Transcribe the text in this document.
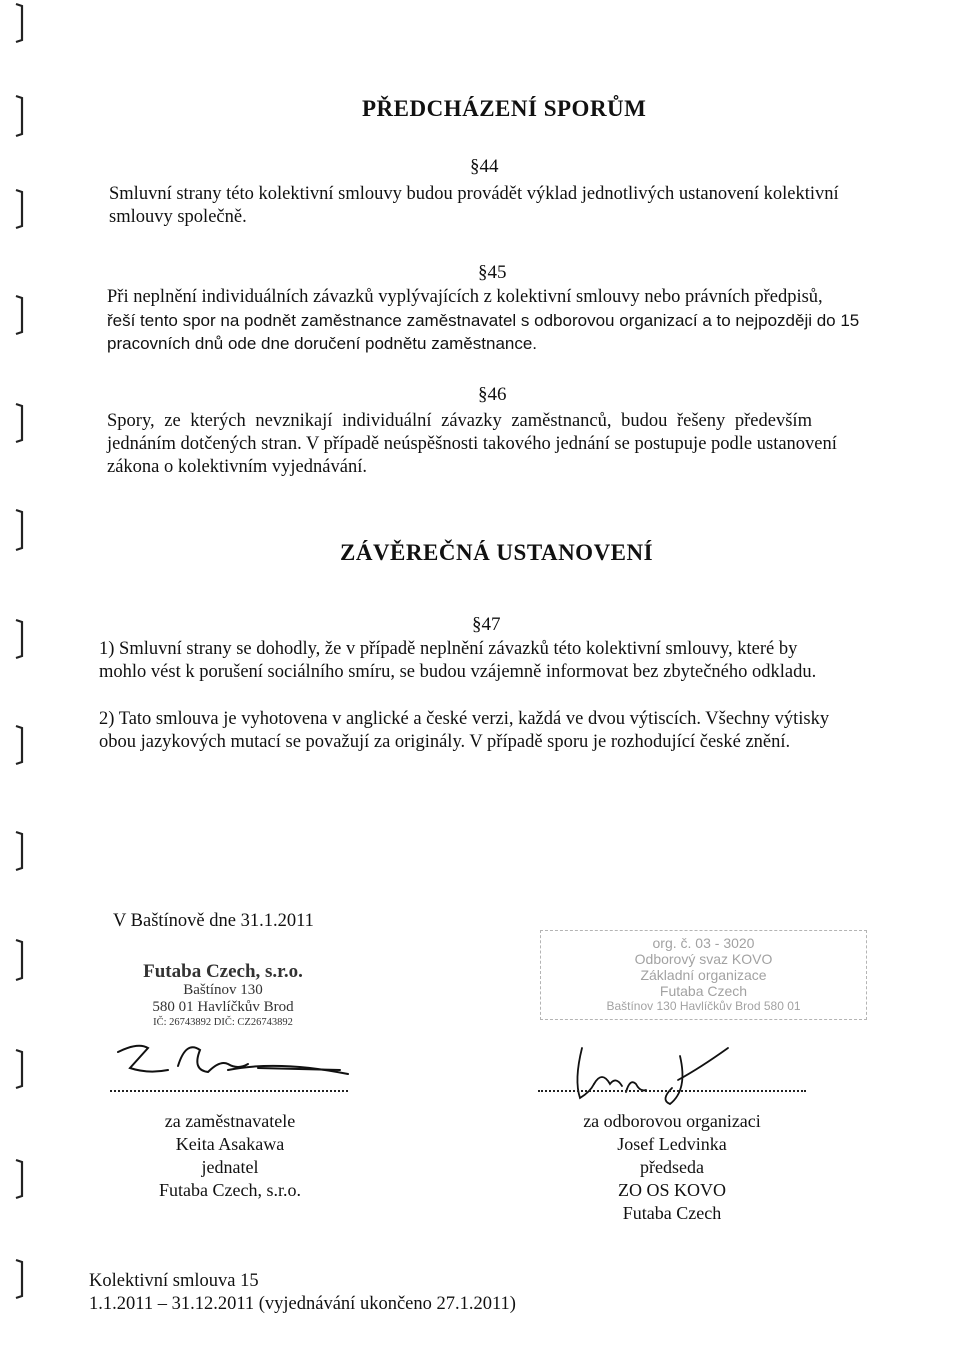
PŘEDCHÁZENÍ SPORŮM
§44
Smluvní strany této kolektivní smlouvy budou provádět výklad jednotlivých ustanovení kolektivní
smlouvy společně.
§45
Při neplnění individuálních závazků vyplývajících z kolektivní smlouvy nebo právních předpisů,
řeší tento spor na podnět zaměstnance zaměstnavatel s odborovou organizací a to nejpozději do 15
pracovních dnů ode dne doručení podnětu zaměstnance.
§46
Spory, ze kterých nevznikají individuální závazky zaměstnanců, budou řešeny především
jednáním dotčených stran. V případě neúspěšnosti takového jednání se postupuje podle ustanovení
zákona o kolektivním vyjednávání.
ZÁVĚREČNÁ USTANOVENÍ
§47
1) Smluvní strany se dohodly, že v případě neplnění závazků této kolektivní smlouvy, které by
mohlo vést k porušení sociálního smíru, se budou vzájemně informovat bez zbytečného odkladu.
2) Tato smlouva je vyhotovena v anglické a české verzi, každá ve dvou výtiscích. Všechny výtisky
obou jazykových mutací se považují za originály. V případě sporu je rozhodující české znění.
V Baštínově dne 31.1.2011
Futaba Czech, s.r.o.
Baštínov 130
580 01 Havlíčkův Brod
IČ: 26743892 DIČ: CZ26743892
org. č. 03 - 3020
Odborový svaz KOVO
Základní organizace
Futaba Czech
Baštínov 130 Havlíčkův Brod 580 01
za zaměstnavatele
Keita Asakawa
jednatel
Futaba Czech, s.r.o.
za odborovou organizaci
Josef Ledvinka
předseda
ZO OS KOVO
Futaba Czech
Kolektivní smlouva 15
1.1.2011 – 31.12.2011 (vyjednávání ukončeno 27.1.2011)
